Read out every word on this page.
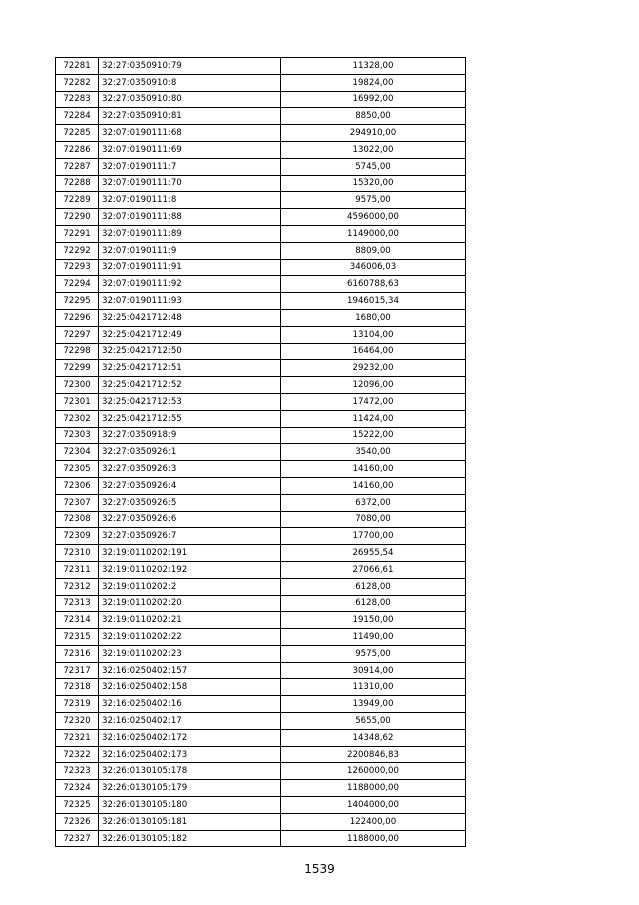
72281	32:27:0350910:79	11328,00
72282	32:27:0350910:8	19824,00
72283	32:27:0350910:80	16992,00
72284	32:27:0350910:81	8850,00
72285	32:07:0190111:68	294910,00
72286	32:07:0190111:69	13022,00
72287	32:07:0190111:7	5745,00
72288	32:07:0190111:70	15320,00
72289	32:07:0190111:8	9575,00
72290	32:07:0190111:88	4596000,00
72291	32:07:0190111:89	1149000,00
72292	32:07:0190111:9	8809,00
72293	32:07:0190111:91	346006,03
72294	32:07:0190111:92	6160788,63
72295	32:07:0190111:93	1946015,34
72296	32:25:0421712:48	1680,00
72297	32:25:0421712:49	13104,00
72298	32:25:0421712:50	16464,00
72299	32:25:0421712:51	29232,00
72300	32:25:0421712:52	12096,00
72301	32:25:0421712:53	17472,00
72302	32:25:0421712:55	11424,00
72303	32:27:0350918:9	15222,00
72304	32:27:0350926:1	3540,00
72305	32:27:0350926:3	14160,00
72306	32:27:0350926:4	14160,00
72307	32:27:0350926:5	6372,00
72308	32:27:0350926:6	7080,00
72309	32:27:0350926:7	17700,00
72310	32:19:0110202:191	26955,54
72311	32:19:0110202:192	27066,61
72312	32:19:0110202:2	6128,00
72313	32:19:0110202:20	6128,00
72314	32:19:0110202:21	19150,00
72315	32:19:0110202:22	11490,00
72316	32:19:0110202:23	9575,00
72317	32:16:0250402:157	30914,00
72318	32:16:0250402:158	11310,00
72319	32:16:0250402:16	13949,00
72320	32:16:0250402:17	5655,00
72321	32:16:0250402:172	14348,62
72322	32:16:0250402:173	2200846,83
72323	32:26:0130105:178	1260000,00
72324	32:26:0130105:179	1188000,00
72325	32:26:0130105:180	1404000,00
72326	32:26:0130105:181	122400,00
72327	32:26:0130105:182	1188000,00
1539
